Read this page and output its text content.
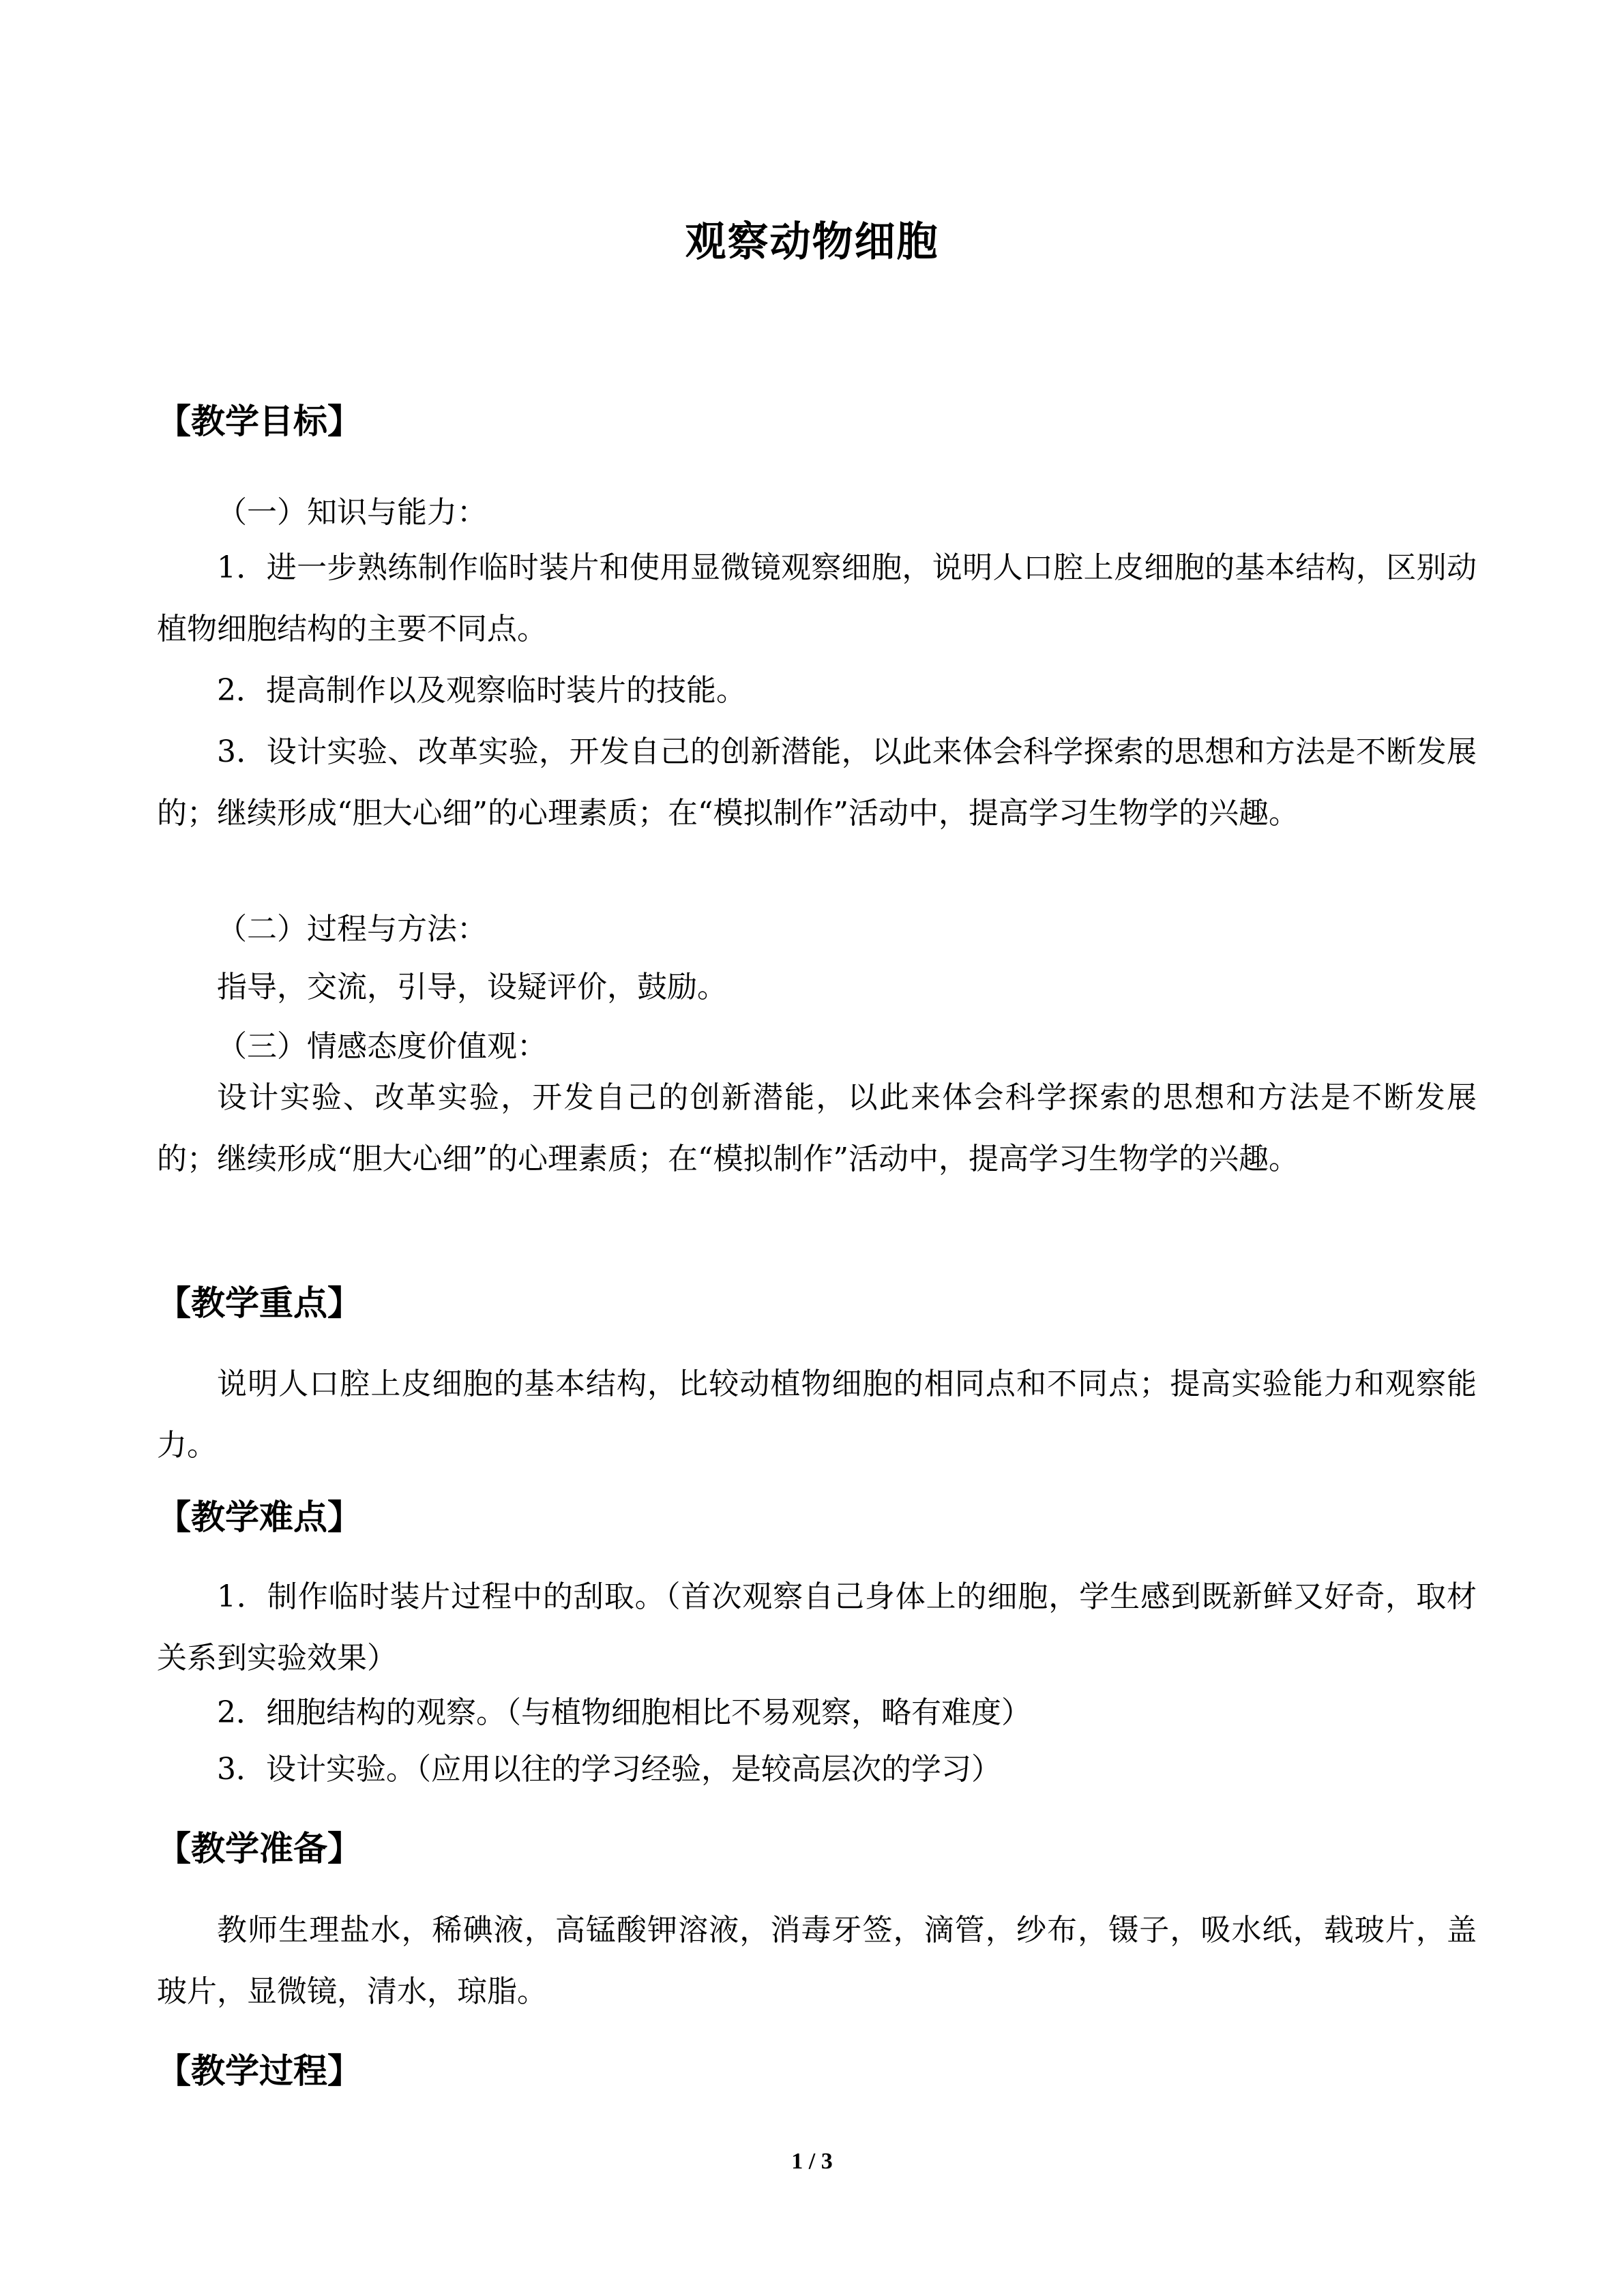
观察动物细胞
【教学目标】
（一）知识与能力：
1．进一步熟练制作临时装片和使用显微镜观察细胞，说明人口腔上皮细胞的基本结构，区别动植物细胞结构的主要不同点。
2．提高制作以及观察临时装片的技能。
3．设计实验、改革实验，开发自己的创新潜能，以此来体会科学探索的思想和方法是不断发展的；继续形成“胆大心细”的心理素质；在“模拟制作”活动中，提高学习生物学的兴趣。
（二）过程与方法：
指导，交流，引导，设疑评价，鼓励。
（三）情感态度价值观：
设计实验、改革实验，开发自己的创新潜能，以此来体会科学探索的思想和方法是不断发展的；继续形成“胆大心细”的心理素质；在“模拟制作”活动中，提高学习生物学的兴趣。
【教学重点】
说明人口腔上皮细胞的基本结构，比较动植物细胞的相同点和不同点；提高实验能力和观察能力。
【教学难点】
1．制作临时装片过程中的刮取。（首次观察自己身体上的细胞，学生感到既新鲜又好奇，取材关系到实验效果）
2．细胞结构的观察。（与植物细胞相比不易观察，略有难度）
3．设计实验。（应用以往的学习经验，是较高层次的学习）
【教学准备】
教师生理盐水，稀碘液，高锰酸钾溶液，消毒牙签，滴管，纱布，镊子，吸水纸，载玻片，盖玻片，显微镜，清水，琼脂。
【教学过程】
1 / 3
